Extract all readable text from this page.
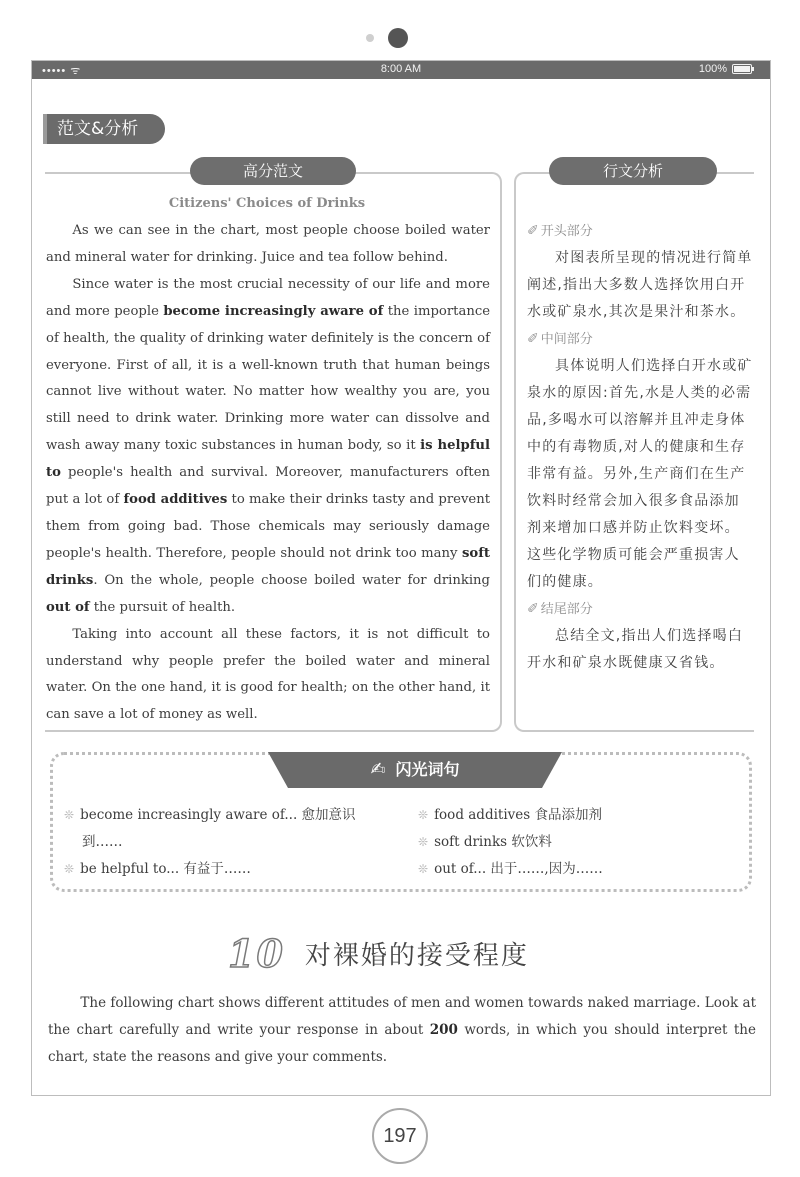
••••• ᯤ	8:00 AM	100%
范文&分析
高分范文	行文分析
Citizens' Choices of Drinks

As we can see in the chart, most people choose boiled water and mineral water for drinking. Juice and tea follow behind.

Since water is the most crucial necessity of our life and more and more people become increasingly aware of the importance of health, the quality of drinking water definitely is the concern of everyone. First of all, it is a well-known truth that human beings cannot live without water. No matter how wealthy you are, you still need to drink water. Drinking more water can dissolve and wash away many toxic substances in human body, so it is helpful to people's health and survival. Moreover, manufacturers often put a lot of food additives to make their drinks tasty and prevent them from going bad. Those chemicals may seriously damage people's health. Therefore, people should not drink too many soft drinks. On the whole, people choose boiled water for drinking out of the pursuit of health.

Taking into account all these factors, it is not difficult to understand why people prefer the boiled water and mineral water. On the one hand, it is good for health; on the other hand, it can save a lot of money as well.

✐ 开头部分

对图表所呈现的情况进行简单阐述,指出大多数人选择饮用白开水或矿泉水,其次是果汁和茶水。

✐ 中间部分

具体说明人们选择白开水或矿泉水的原因:首先,水是人类的必需品,多喝水可以溶解并且冲走身体中的有毒物质,对人的健康和生存非常有益。另外,生产商们在生产饮料时经常会加入很多食品添加剂来增加口感并防止饮料变坏。这些化学物质可能会严重损害人们的健康。

✐ 结尾部分

总结全文,指出人们选择喝白开水和矿泉水既健康又省钱。

✍ 闪光词句
❊ become increasingly aware of... 愈加意识
到……
❊ be helpful to... 有益于……
❊ food additives 食品添加剂
❊ soft drinks 软饮料
❊ out of... 出于……,因为……
10 对裸婚的接受程度
The following chart shows different attitudes of men and women towards naked marriage. Look at the chart carefully and write your response in about 200 words, in which you should interpret the chart, state the reasons and give your comments.
197
